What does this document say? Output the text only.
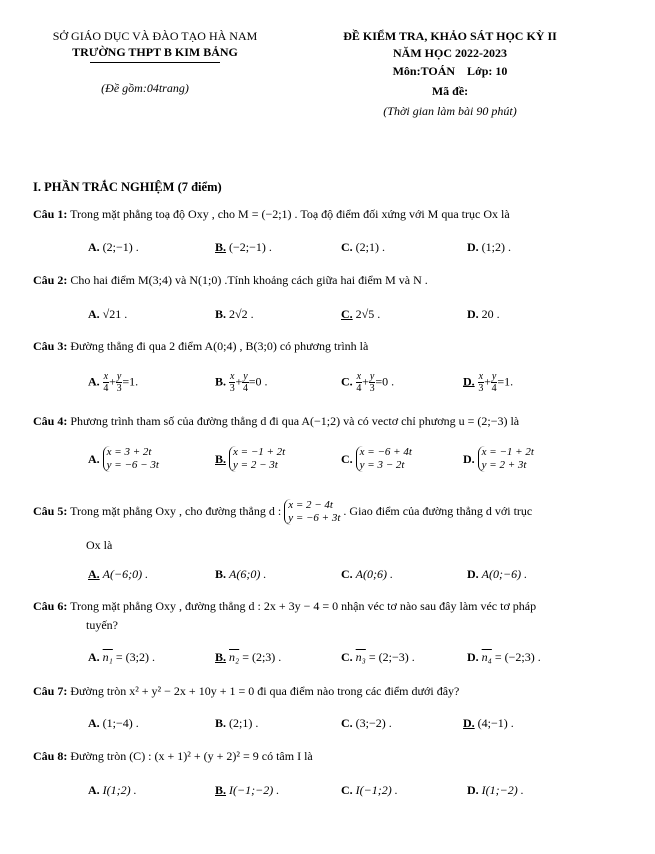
SỞ GIÁO DỤC VÀ ĐÀO TẠO HÀ NAM
TRƯỜNG THPT B KIM BẢNG
(Đề gồm:04trang)
ĐỀ KIỂM TRA, KHẢO SÁT HỌC KỲ II
NĂM HỌC 2022-2023
Môn:TOÁN    Lớp: 10
Mã đề:
(Thời gian làm bài 90 phút)
I. PHẦN TRẮC NGHIỆM (7 điểm)
Câu 1: Trong mặt phẳng toạ độ Oxy , cho M = (−2;1) . Toạ độ điểm đối xứng với M qua trục Ox là
A. (2;−1) .	B. (−2;−1) .	C. (2;1) .	D. (1;2) .
Câu 2: Cho hai điểm M(3;4) và N(1;0) .Tính khoảng cách giữa hai điểm M và N .
A. √21 .	B. 2√2 .	C. 2√5 .	D. 20 .
Câu 3: Đường thẳng đi qua 2 điểm A(0;4) , B(3;0) có phương trình là
A. $\frac{x}{4} + \frac{y}{3} =1$.	B. $\frac{x}{3} + \frac{y}{4} =0$ .	C. $\frac{x}{4} + \frac{y}{3} =0$ .	D. $\frac{x}{3} + \frac{y}{4} =1$.
Câu 4: Phương trình tham số của đường thẳng d đi qua A(−1;2) và có vectơ chỉ phương u = (2;−3) là
A. x = 3 + 2t
y = −6 − 3t	B. x = −1 + 2t
y = 2 − 3t	C. x = −6 + 4t
y = 3 − 2t	D. x = −1 + 2t
y = 2 + 3t
Câu 5: Trong mặt phẳng Oxy , cho đường thẳng d : x = 2 − 4t
y = −6 + 3t . Giao điểm của đường thẳng d với trục
Ox là
A. A(−6;0) .	B. A(6;0) .	C. A(0;6) .	D. A(0;−6) .
Câu 6: Trong mặt phẳng Oxy , đường thẳng d : 2x + 3y − 4 = 0 nhận véc tơ nào sau đây làm véc tơ pháp
tuyến?
A. n₁ = (3;2) .	B. n₂ = (2;3) .	C. n₃ = (2;−3) .	D. n₄ = (−2;3) .
Câu 7: Đường tròn x² + y² − 2x + 10y + 1 = 0 đi qua điểm nào trong các điểm dưới đây?
A. (1;−4) .	B. (2;1) .	C. (3;−2) .	D. (4;−1) .
Câu 8: Đường tròn (C) : (x + 1)² + (y + 2)² = 9 có tâm I là
A. I(1;2) .	B. I(−1;−2) .	C. I(−1;2) .	D. I(1;−2) .
